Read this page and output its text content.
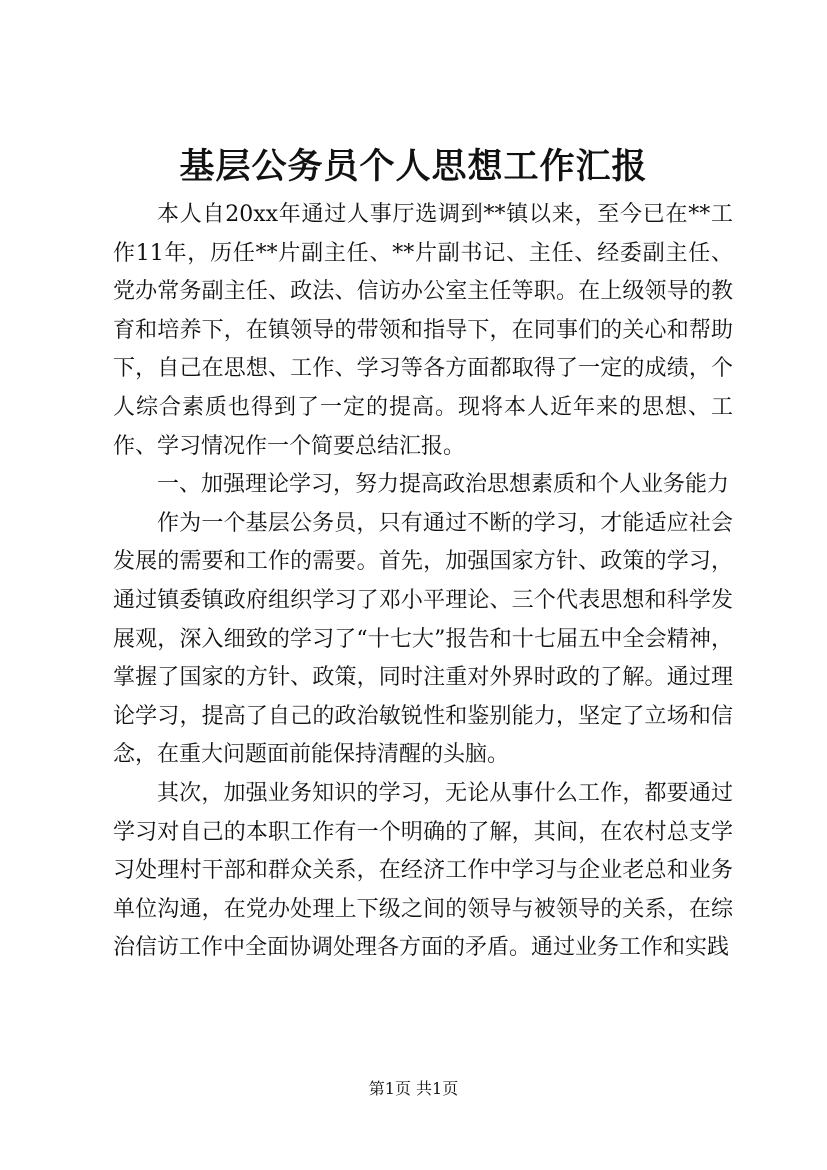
基层公务员个人思想工作汇报

本人自20xx年通过人事厅选调到**镇以来，至今已在**工作11年，历任**片副主任、**片副书记、主任、经委副主任、党办常务副主任、政法、信访办公室主任等职。在上级领导的教育和培养下，在镇领导的带领和指导下，在同事们的关心和帮助下，自己在思想、工作、学习等各方面都取得了一定的成绩，个人综合素质也得到了一定的提高。现将本人近年来的思想、工作、学习情况作一个简要总结汇报。

一、加强理论学习，努力提高政治思想素质和个人业务能力

作为一个基层公务员，只有通过不断的学习，才能适应社会发展的需要和工作的需要。首先，加强国家方针、政策的学习，通过镇委镇政府组织学习了邓小平理论、三个代表思想和科学发展观，深入细致的学习了“十七大”报告和十七届五中全会精神，掌握了国家的方针、政策，同时注重对外界时政的了解。通过理论学习，提高了自己的政治敏锐性和鉴别能力，坚定了立场和信念，在重大问题面前能保持清醒的头脑。

其次，加强业务知识的学习，无论从事什么工作，都要通过学习对自己的本职工作有一个明确的了解，其间，在农村总支学习处理村干部和群众关系，在经济工作中学习与企业老总和业务单位沟通，在党办处理上下级之间的领导与被领导的关系，在综治信访工作中全面协调处理各方面的矛盾。通过业务工作和实践

第1页 共1页
